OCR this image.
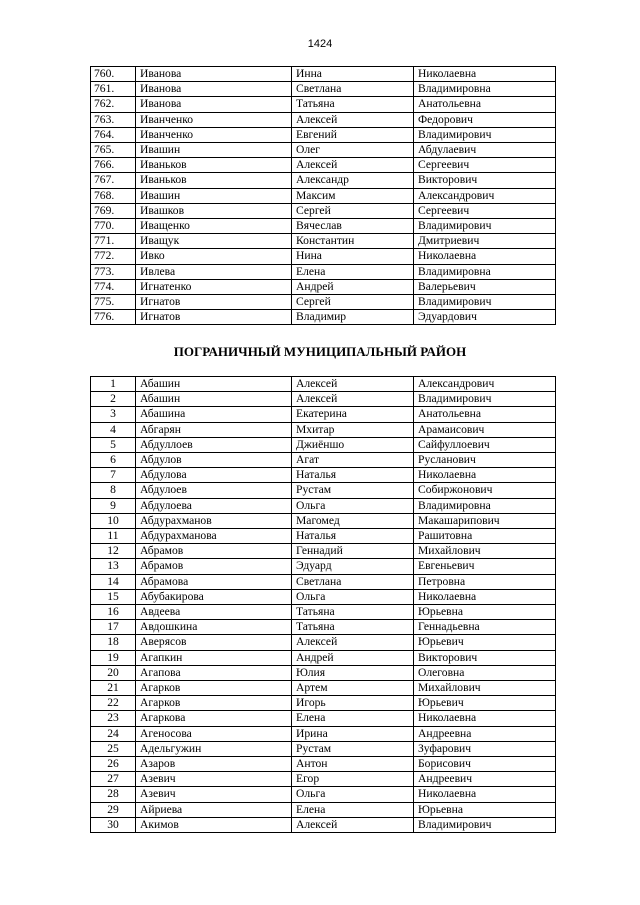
1424
760.	Иванова	Инна	Николаевна
761.	Иванова	Светлана	Владимировна
762.	Иванова	Татьяна	Анатольевна
763.	Иванченко	Алексей	Федорович
764.	Иванченко	Евгений	Владимирович
765.	Ивашин	Олег	Абдулаевич
766.	Иваньков	Алексей	Сергеевич
767.	Иваньков	Александр	Викторович
768.	Ивашин	Максим	Александрович
769.	Ивашков	Сергей	Сергеевич
770.	Иващенко	Вячеслав	Владимирович
771.	Иващук	Константин	Дмитриевич
772.	Ивко	Нина	Николаевна
773.	Ивлева	Елена	Владимировна
774.	Игнатенко	Андрей	Валерьевич
775.	Игнатов	Сергей	Владимирович
776.	Игнатов	Владимир	Эдуардович
ПОГРАНИЧНЫЙ МУНИЦИПАЛЬНЫЙ РАЙОН
1	Абашин	Алексей	Александрович
2	Абашин	Алексей	Владимирович
3	Абашина	Екатерина	Анатольевна
4	Абгарян	Мхитар	Арамаисович
5	Абдуллоев	Джиёншо	Сайфуллоевич
6	Абдулов	Агат	Русланович
7	Абдулова	Наталья	Николаевна
8	Абдулоев	Рустам	Собиржонович
9	Абдулоева	Ольга	Владимировна
10	Абдурахманов	Магомед	Макашарипович
11	Абдурахманова	Наталья	Рашитовна
12	Абрамов	Геннадий	Михайлович
13	Абрамов	Эдуард	Евгеньевич
14	Абрамова	Светлана	Петровна
15	Абубакирова	Ольга	Николаевна
16	Авдеева	Татьяна	Юрьевна
17	Авдошкина	Татьяна	Геннадьевна
18	Аверясов	Алексей	Юрьевич
19	Агапкин	Андрей	Викторович
20	Агапова	Юлия	Олеговна
21	Агарков	Артем	Михайлович
22	Агарков	Игорь	Юрьевич
23	Агаркова	Елена	Николаевна
24	Агеносова	Ирина	Андреевна
25	Адельгужин	Рустам	Зуфарович
26	Азаров	Антон	Борисович
27	Азевич	Егор	Андреевич
28	Азевич	Ольга	Николаевна
29	Айриева	Елена	Юрьевна
30	Акимов	Алексей	Владимирович
